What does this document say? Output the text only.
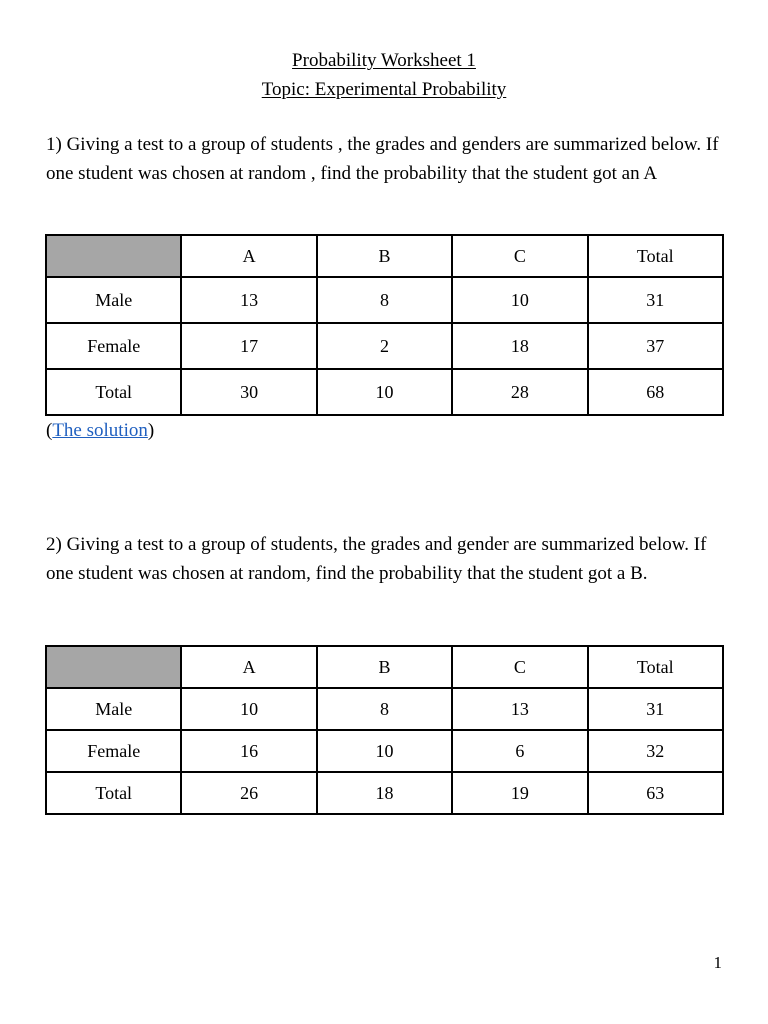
Probability Worksheet 1
Topic: Experimental Probability
1) Giving a test to a group of students , the grades and genders are summarized below. If one student was chosen at random , find the probability that the student got an A
	A	B	C	Total
Male	13	8	10	31
Female	17	2	18	37
Total	30	10	28	68
(The solution)
2) Giving a test to a group of students, the grades and gender are summarized below. If one student was chosen at random, find the probability that the student got a B.
	A	B	C	Total
Male	10	8	13	31
Female	16	10	6	32
Total	26	18	19	63
1
